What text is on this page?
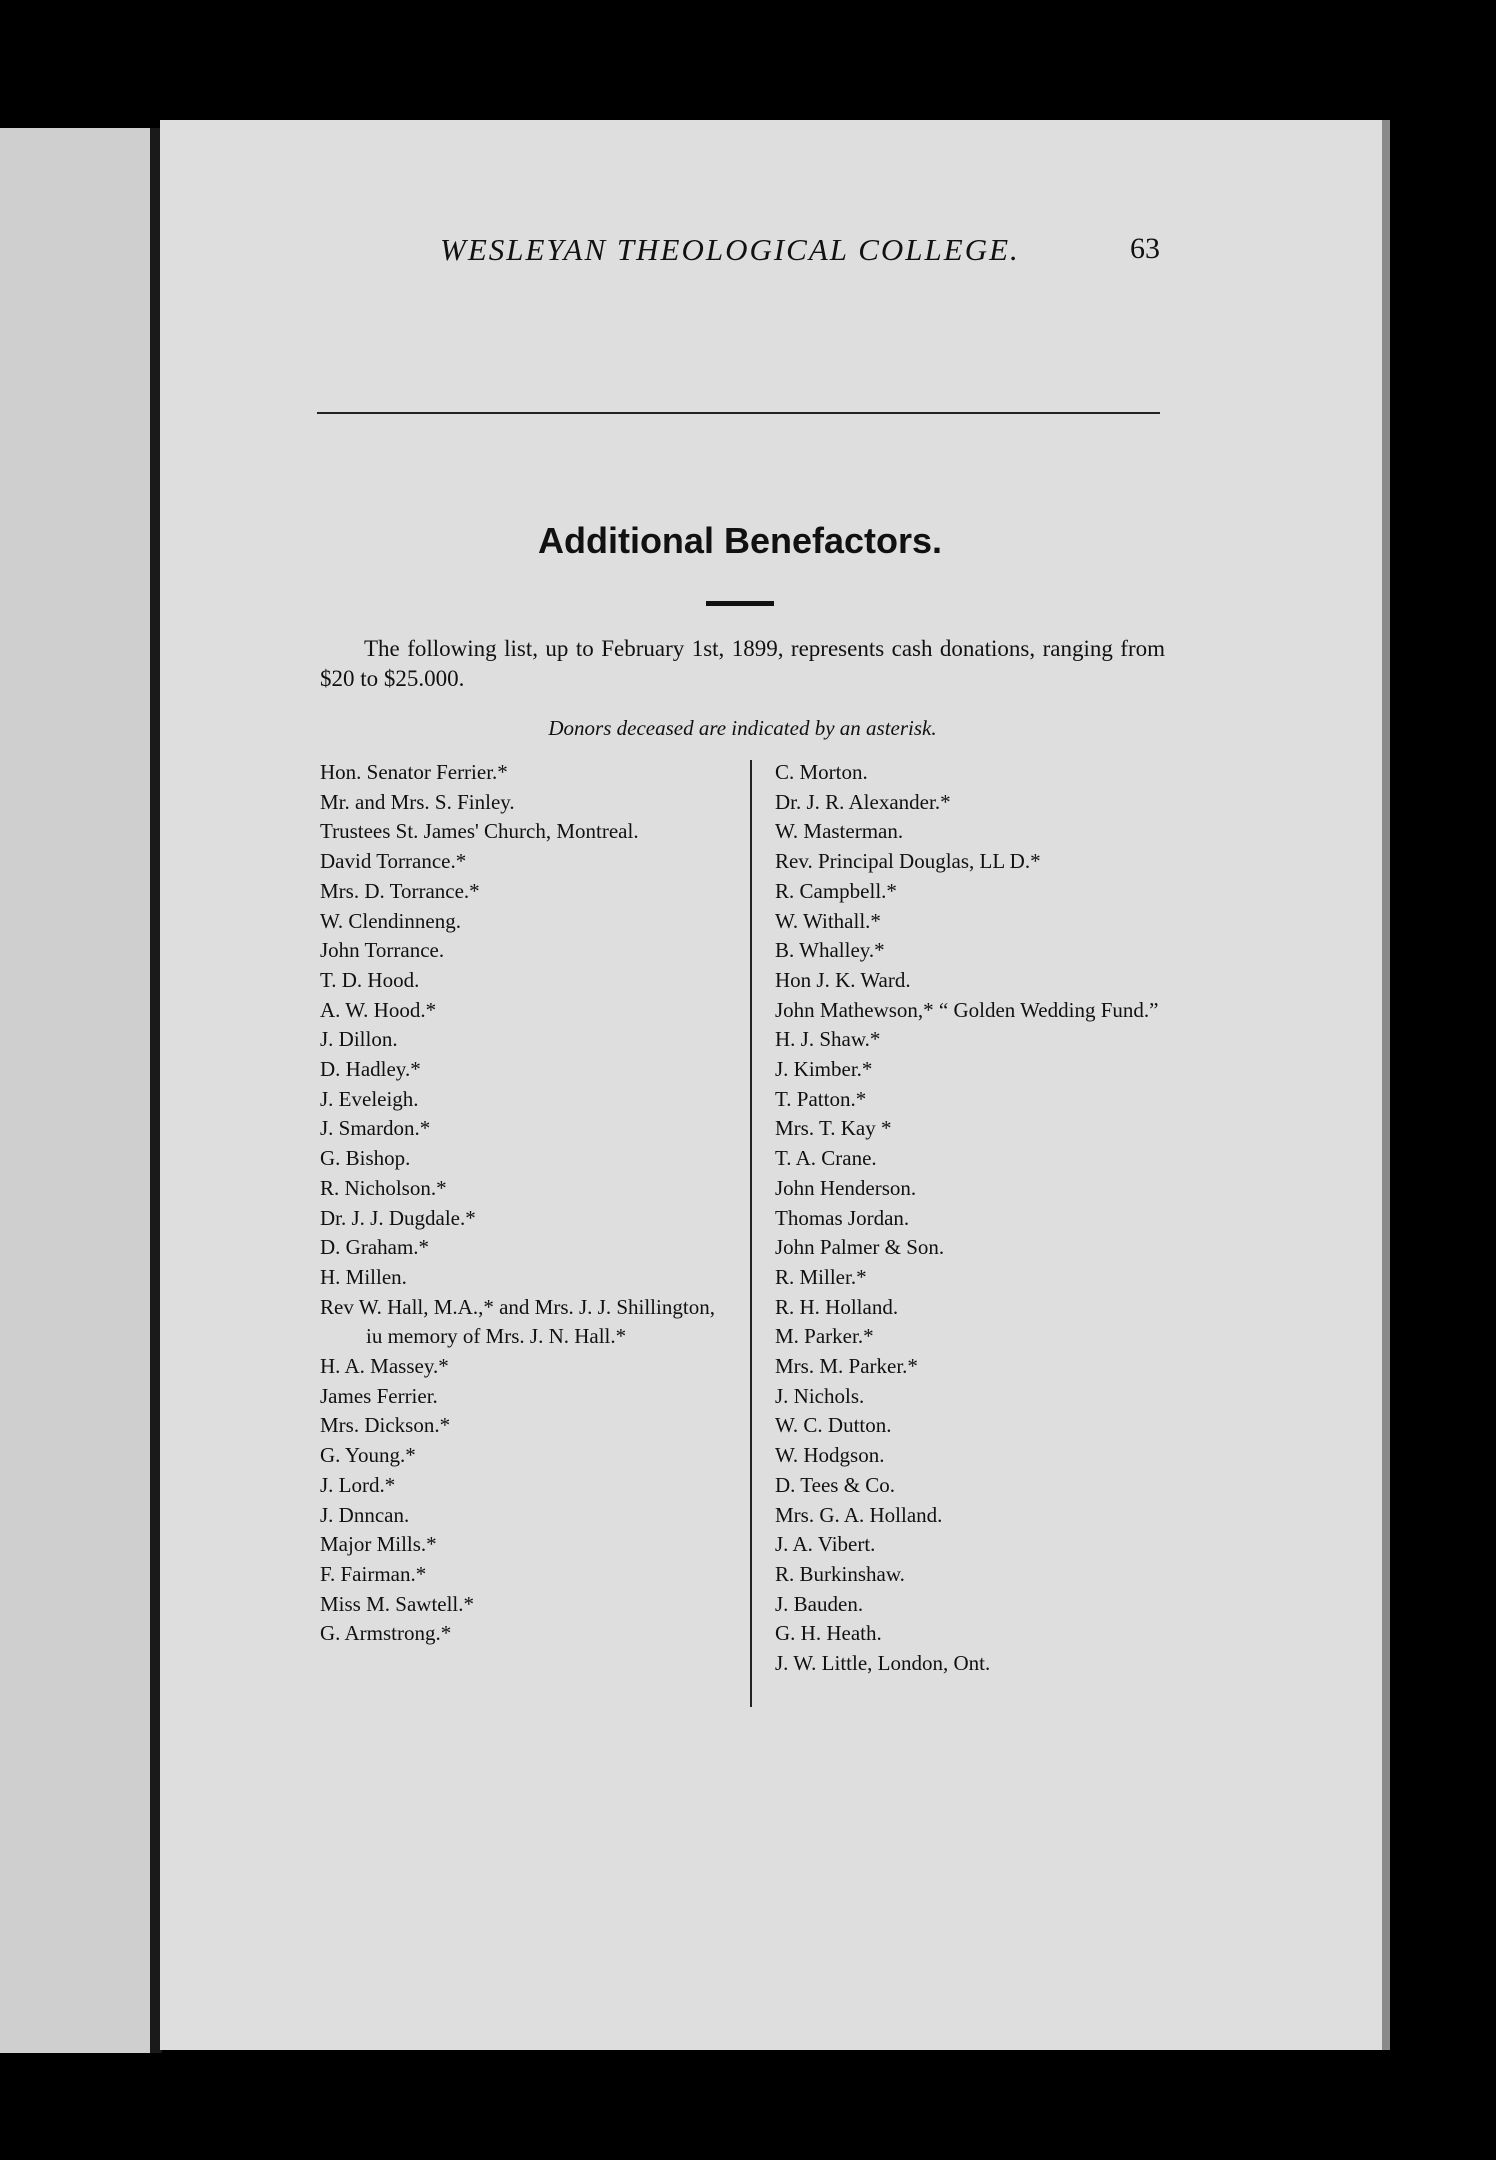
WESLEYAN THEOLOGICAL COLLEGE.	63
Additional Benefactors.
The following list, up to February 1st, 1899, represents cash donations, ranging from $20 to $25.000.
Donors deceased are indicated by an asterisk.
Hon. Senator Ferrier.*
Mr. and Mrs. S. Finley.
Trustees St. James' Church, Montreal.
David Torrance.*
Mrs. D. Torrance.*
W. Clendinneng.
John Torrance.
T. D. Hood.
A. W. Hood.*
J. Dillon.
D. Hadley.*
J. Eveleigh.
J. Smardon.*
G. Bishop.
R. Nicholson.*
Dr. J. J. Dugdale.*
D. Graham.*
H. Millen.
Rev W. Hall, M.A.,* and Mrs. J. J. Shillington, iu memory of Mrs. J. N. Hall.*
H. A. Massey.*
James Ferrier.
Mrs. Dickson.*
G. Young.*
J. Lord.*
J. Dnncan.
Major Mills.*
F. Fairman.*
Miss M. Sawtell.*
G. Armstrong.*
C. Morton.
Dr. J. R. Alexander.*
W. Masterman.
Rev. Principal Douglas, LL D.*
R. Campbell.*
W. Withall.*
B. Whalley.*
Hon J. K. Ward.
John Mathewson,* “ Golden Wedding Fund.”
H. J. Shaw.*
J. Kimber.*
T. Patton.*
Mrs. T. Kay *
T. A. Crane.
John Henderson.
Thomas Jordan.
John Palmer & Son.
R. Miller.*
R. H. Holland.
M. Parker.*
Mrs. M. Parker.*
J. Nichols.
W. C. Dutton.
W. Hodgson.
D. Tees & Co.
Mrs. G. A. Holland.
J. A. Vibert.
R. Burkinshaw.
J. Bauden.
G. H. Heath.
J. W. Little, London, Ont.
